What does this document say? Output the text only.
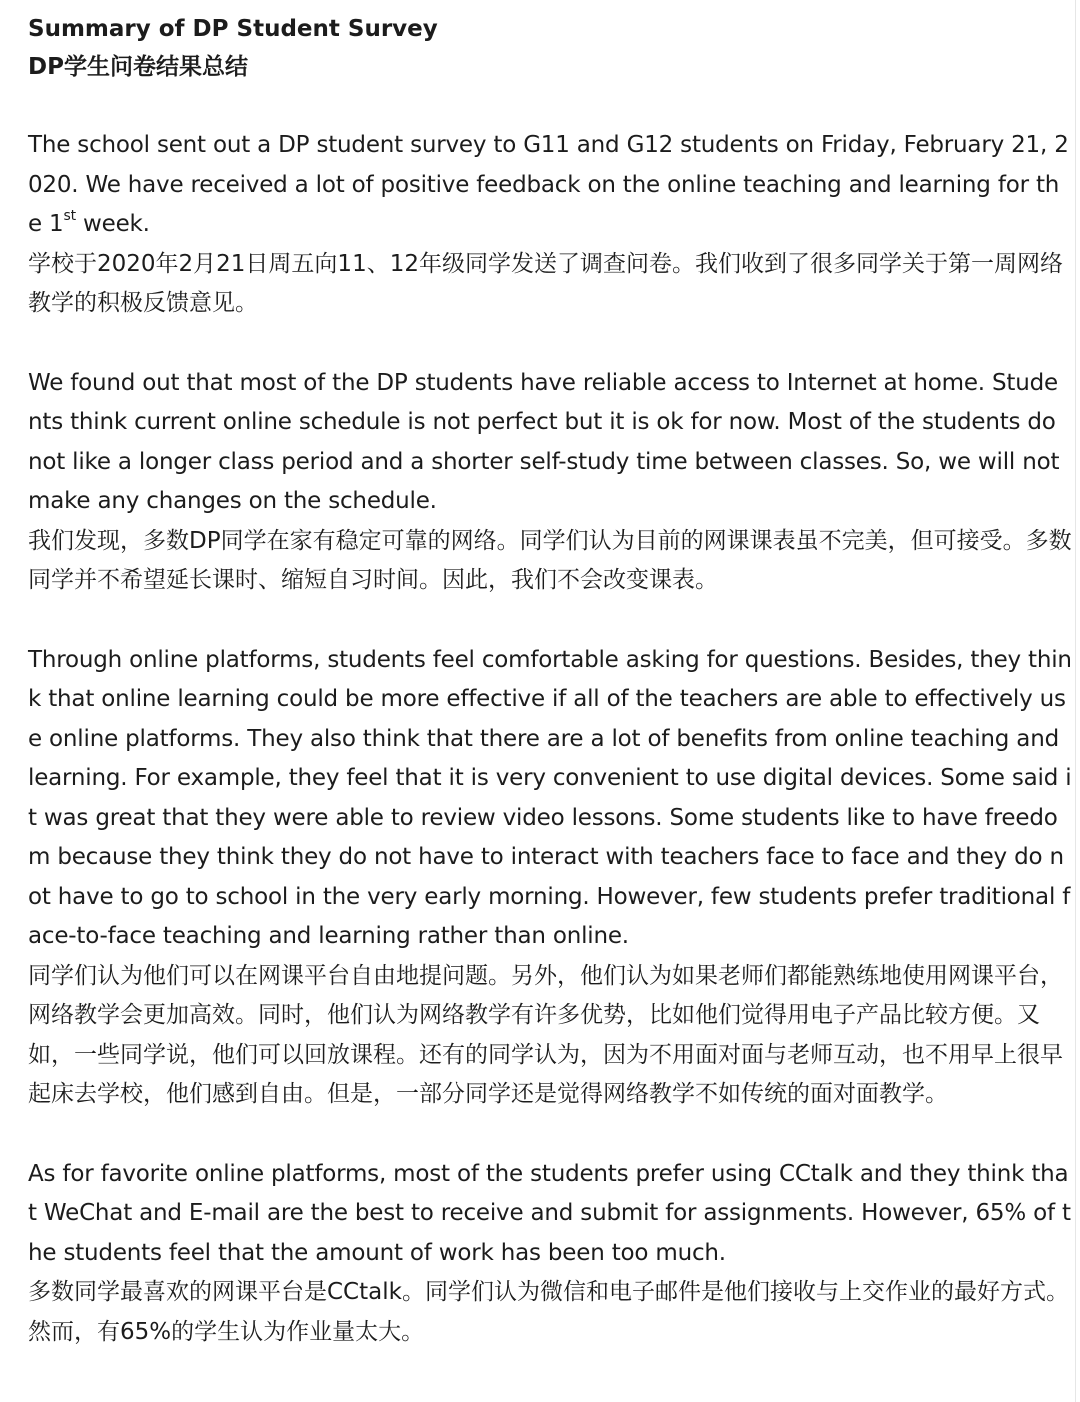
Summary of DP Student Survey
DP学生问卷结果总结

The school sent out a DP student survey to G11 and G12 students on Friday, February 21, 2020. We have received a lot of positive feedback on the online teaching and learning for the 1st week.

学校于2020年2月21日周五向11、12年级同学发送了调查问卷。我们收到了很多同学关于第一周网络教学的积极反馈意见。

We found out that most of the DP students have reliable access to Internet at home. Students think current online schedule is not perfect but it is ok for now. Most of the students do not like a longer class period and a shorter self-study time between classes. So, we will not make any changes on the schedule.

我们发现，多数DP同学在家有稳定可靠的网络。同学们认为目前的网课课表虽不完美，但可接受。多数同学并不希望延长课时、缩短自习时间。因此，我们不会改变课表。

Through online platforms, students feel comfortable asking for questions. Besides, they think that online learning could be more effective if all of the teachers are able to effectively use online platforms. They also think that there are a lot of benefits from online teaching and learning. For example, they feel that it is very convenient to use digital devices. Some said it was great that they were able to review video lessons. Some students like to have freedom because they think they do not have to interact with teachers face to face and they do not have to go to school in the very early morning. However, few students prefer traditional face-to-face teaching and learning rather than online.

同学们认为他们可以在网课平台自由地提问题。另外，他们认为如果老师们都能熟练地使用网课平台，网络教学会更加高效。同时，他们认为网络教学有许多优势，比如他们觉得用电子产品比较方便。又如，一些同学说，他们可以回放课程。还有的同学认为，因为不用面对面与老师互动，也不用早上很早起床去学校，他们感到自由。但是，一部分同学还是觉得网络教学不如传统的面对面教学。

As for favorite online platforms, most of the students prefer using CCtalk and they think that WeChat and E-mail are the best to receive and submit for assignments. However, 65% of the students feel that the amount of work has been too much.

多数同学最喜欢的网课平台是CCtalk。同学们认为微信和电子邮件是他们接收与上交作业的最好方式。然而，有65%的学生认为作业量太大。
